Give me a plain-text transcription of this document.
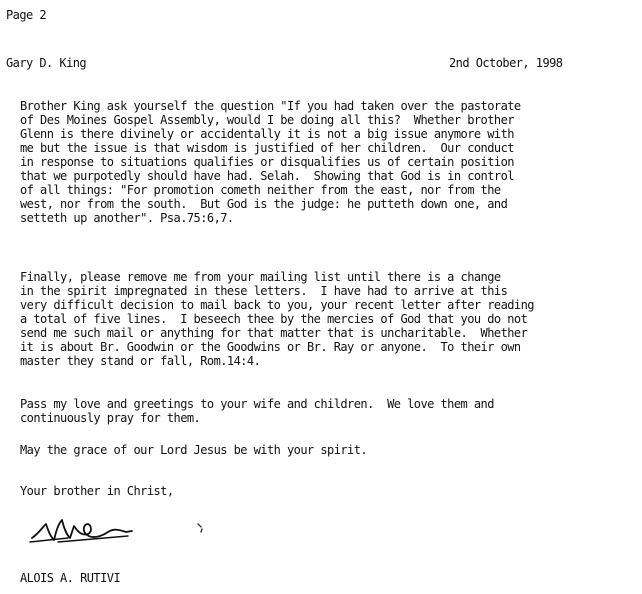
Page 2
Gary D. King	2nd October, 1998
Brother King ask yourself the question "If you had taken over the pastorate
of Des Moines Gospel Assembly, would I be doing all this?  Whether brother
Glenn is there divinely or accidentally it is not a big issue anymore with
me but the issue is that wisdom is justified of her children.  Our conduct
in response to situations qualifies or disqualifies us of certain position
that we purpotedly should have had. Selah.  Showing that God is in control
of all things: "For promotion cometh neither from the east, nor from the
west, nor from the south.  But God is the judge: he putteth down one, and
setteth up another". Psa.75:6,7.
Finally, please remove me from your mailing list until there is a change
in the spirit impregnated in these letters.  I have had to arrive at this
very difficult decision to mail back to you, your recent letter after reading
a total of five lines.  I beseech thee by the mercies of God that you do not
send me such mail or anything for that matter that is uncharitable.  Whether
it is about Br. Goodwin or the Goodwins or Br. Ray or anyone.  To their own
master they stand or fall, Rom.14:4.
Pass my love and greetings to your wife and children.  We love them and
continuously pray for them.
May the grace of our Lord Jesus be with your spirit.
Your brother in Christ,
ALOIS A. RUTIVI
